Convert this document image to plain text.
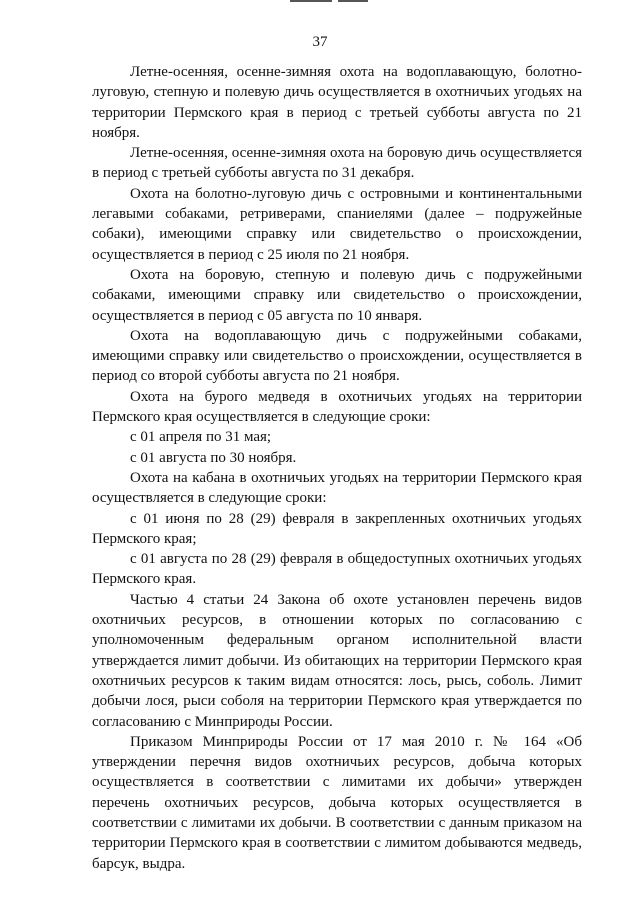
37

Летне-осенняя, осенне-зимняя охота на водоплавающую, болотно-луговую, степную и полевую дичь осуществляется в охотничьих угодьях на территории Пермского края в период с третьей субботы августа по 21 ноября.

Летне-осенняя, осенне-зимняя охота на боровую дичь осуществляется в период с третьей субботы августа по 31 декабря.

Охота на болотно-луговую дичь с островными и континентальными легавыми собаками, ретриверами, спаниелями (далее – подружейные собаки), имеющими справку или свидетельство о происхождении, осуществляется в период с 25 июля по 21 ноября.

Охота на боровую, степную и полевую дичь с подружейными собаками, имеющими справку или свидетельство о происхождении, осуществляется в период с 05 августа по 10 января.

Охота на водоплавающую дичь с подружейными собаками, имеющими справку или свидетельство о происхождении, осуществляется в период со второй субботы августа по 21 ноября.

Охота на бурого медведя в охотничьих угодьях на территории Пермского края осуществляется в следующие сроки:

с 01 апреля по 31 мая;

с 01 августа по 30 ноября.

Охота на кабана в охотничьих угодьях на территории Пермского края осуществляется в следующие сроки:

с 01 июня по 28 (29) февраля в закрепленных охотничьих угодьях Пермского края;

с 01 августа по 28 (29) февраля в общедоступных охотничьих угодьях Пермского края.

Частью 4 статьи 24 Закона об охоте установлен перечень видов охотничьих ресурсов, в отношении которых по согласованию с уполномоченным федеральным органом исполнительной власти утверждается лимит добычи. Из обитающих на территории Пермского края охотничьих ресурсов к таким видам относятся: лось, рысь, соболь. Лимит добычи лося, рыси соболя на территории Пермского края утверждается по согласованию с Минприроды России.

Приказом Минприроды России от 17 мая 2010 г. № 164 «Об утверждении перечня видов охотничьих ресурсов, добыча которых осуществляется в соответствии с лимитами их добычи» утвержден перечень охотничьих ресурсов, добыча которых осуществляется в соответствии с лимитами их добычи. В соответствии с данным приказом на территории Пермского края в соответствии с лимитом добываются медведь, барсук, выдра.
